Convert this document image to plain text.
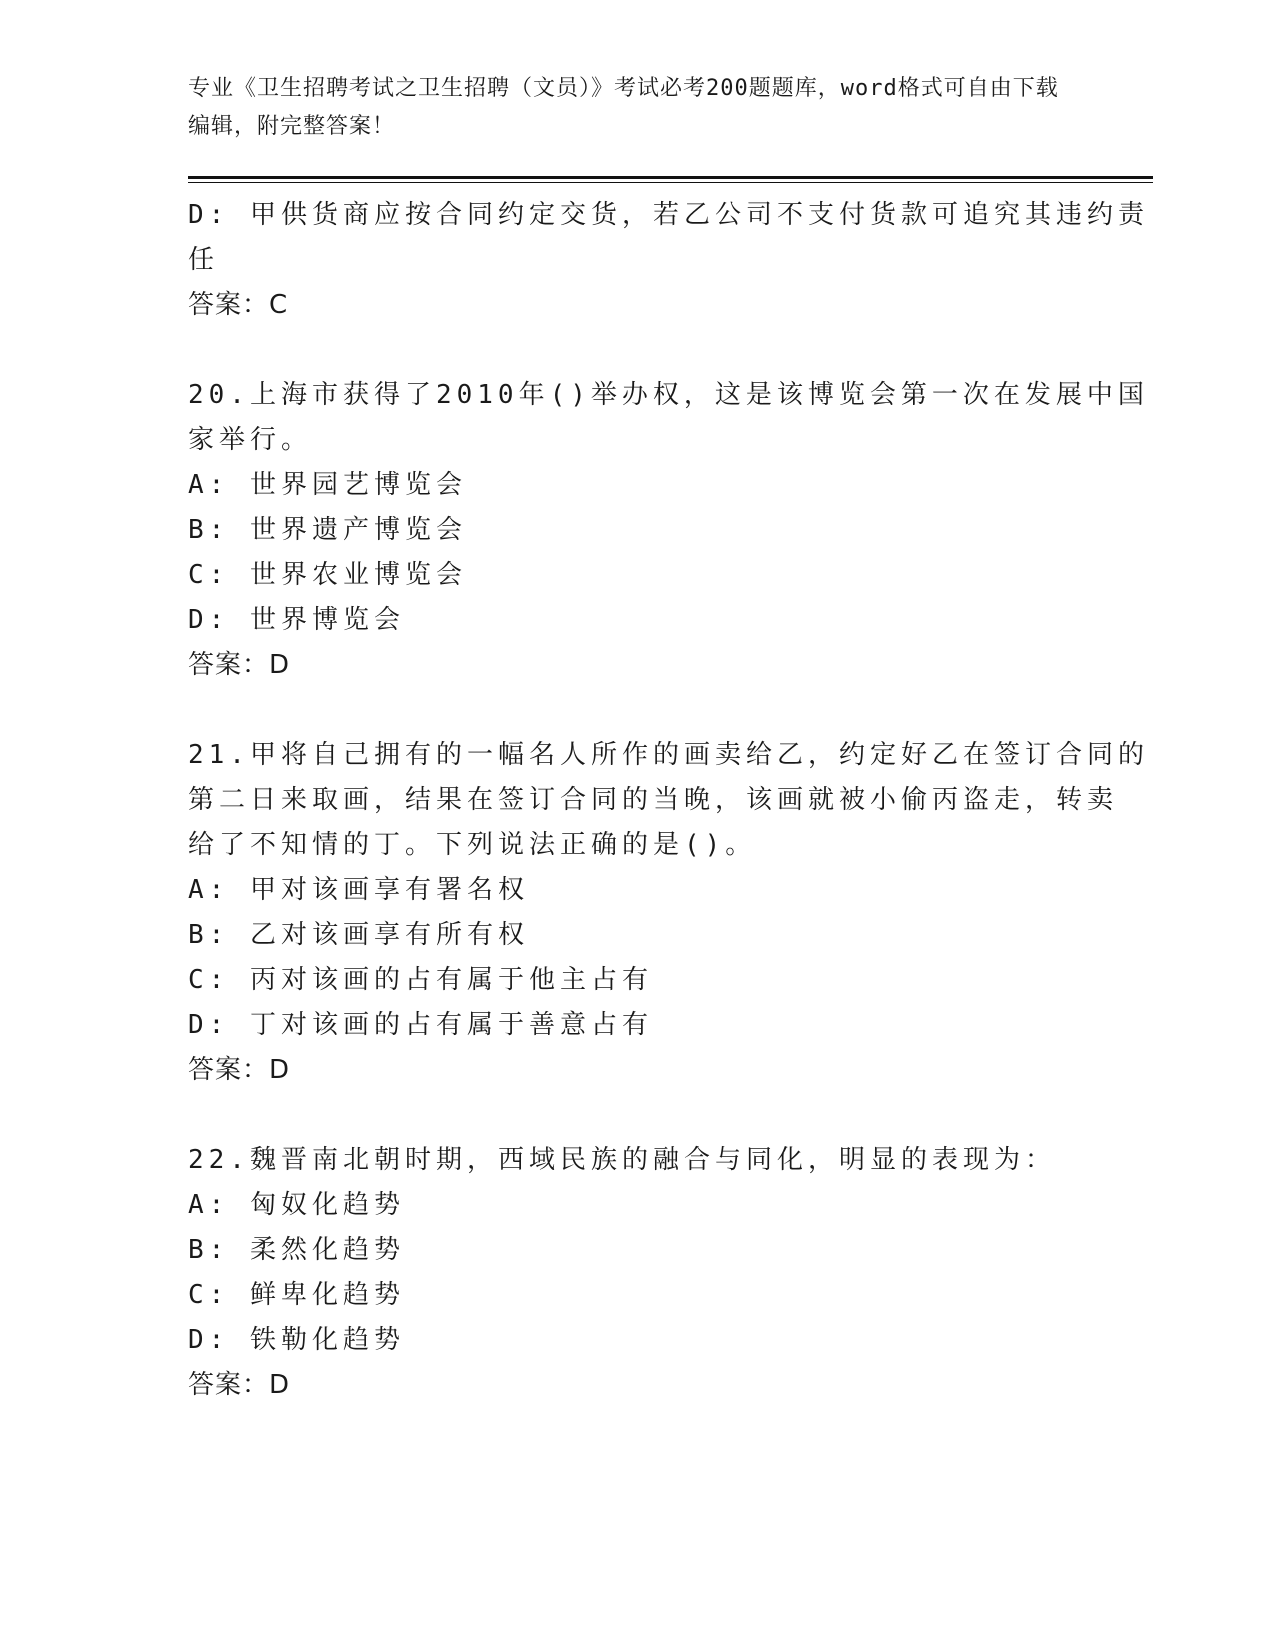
专业《卫生招聘考试之卫生招聘（文员）》考试必考200题题库，word格式可自由下载编辑，附完整答案！
D: 甲供货商应按合同约定交货，若乙公司不支付货款可追究其违约责
任
答案：C
20.上海市获得了2010年()举办权，这是该博览会第一次在发展中国
家举行。
A: 世界园艺博览会
B: 世界遗产博览会
C: 世界农业博览会
D: 世界博览会
答案：D
21.甲将自己拥有的一幅名人所作的画卖给乙，约定好乙在签订合同的
第二日来取画，结果在签订合同的当晚，该画就被小偷丙盗走，转卖
给了不知情的丁。下列说法正确的是()。
A: 甲对该画享有署名权
B: 乙对该画享有所有权
C: 丙对该画的占有属于他主占有
D: 丁对该画的占有属于善意占有
答案：D
22.魏晋南北朝时期，西域民族的融合与同化，明显的表现为：
A: 匈奴化趋势
B: 柔然化趋势
C: 鲜卑化趋势
D: 铁勒化趋势
答案：D
